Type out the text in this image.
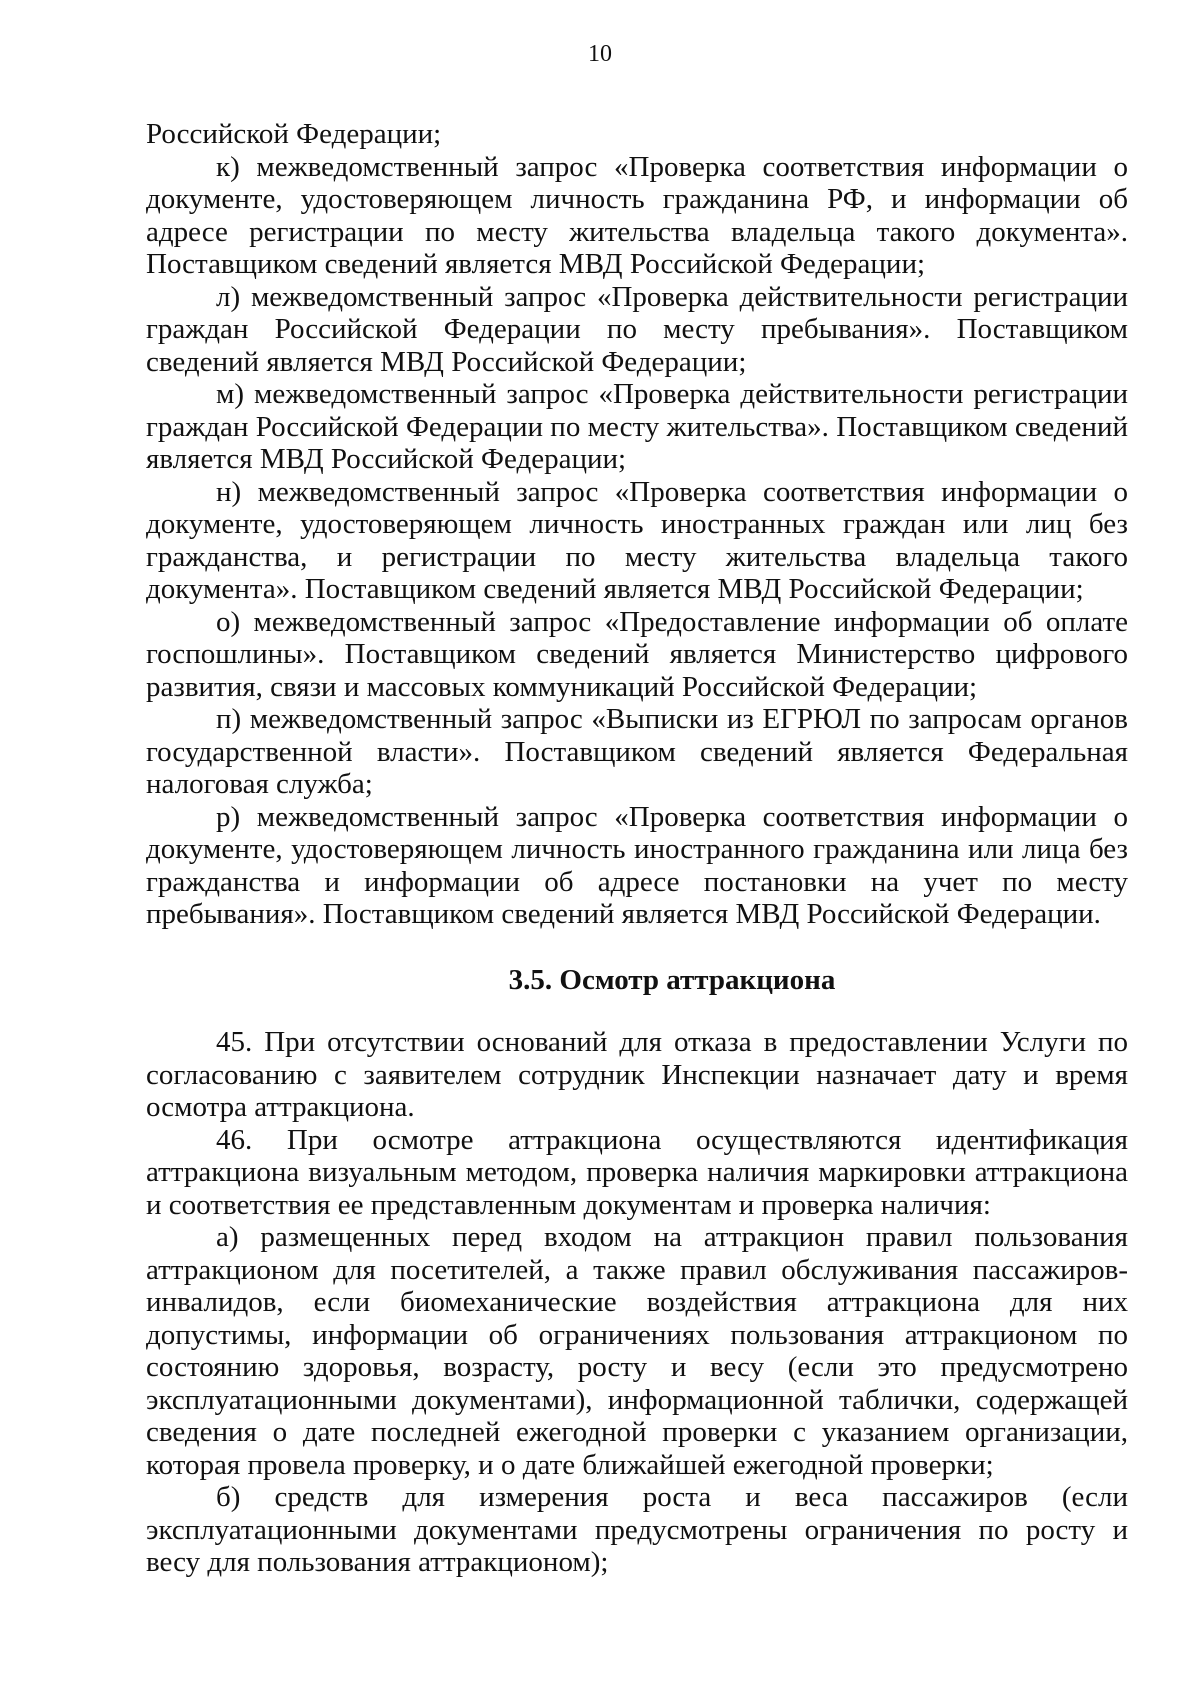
10

Российской Федерации;

к) межведомственный запрос «Проверка соответствия информации о документе, удостоверяющем личность гражданина РФ, и информации об адресе регистрации по месту жительства владельца такого документа». Поставщиком сведений является МВД Российской Федерации;

л) межведомственный запрос «Проверка действительности регистрации граждан Российской Федерации по месту пребывания». Поставщиком сведений является МВД Российской Федерации;

м) межведомственный запрос «Проверка действительности регистрации граждан Российской Федерации по месту жительства». Поставщиком сведений является МВД Российской Федерации;

н) межведомственный запрос «Проверка соответствия информации о документе, удостоверяющем личность иностранных граждан или лиц без гражданства, и регистрации по месту жительства владельца такого документа». Поставщиком сведений является МВД Российской Федерации;

о) межведомственный запрос «Предоставление информации об оплате госпошлины». Поставщиком сведений является Министерство цифрового развития, связи и массовых коммуникаций Российской Федерации;

п) межведомственный запрос «Выписки из ЕГРЮЛ по запросам органов государственной власти». Поставщиком сведений является Федеральная налоговая служба;

р) межведомственный запрос «Проверка соответствия информации о документе, удостоверяющем личность иностранного гражданина или лица без гражданства и информации об адресе постановки на учет по месту пребывания». Поставщиком сведений является МВД Российской Федерации.

3.5. Осмотр аттракциона

45. При отсутствии оснований для отказа в предоставлении Услуги по согласованию с заявителем сотрудник Инспекции назначает дату и время осмотра аттракциона.

46. При осмотре аттракциона осуществляются идентификация аттракциона визуальным методом, проверка наличия маркировки аттракциона и соответствия ее представленным документам и проверка наличия:

а) размещенных перед входом на аттракцион правил пользования аттракционом для посетителей, а также правил обслуживания пассажиров-инвалидов, если биомеханические воздействия аттракциона для них допустимы, информации об ограничениях пользования аттракционом по состоянию здоровья, возрасту, росту и весу (если это предусмотрено эксплуатационными документами), информационной таблички, содержащей сведения о дате последней ежегодной проверки с указанием организации, которая провела проверку, и о дате ближайшей ежегодной проверки;

б) средств для измерения роста и веса пассажиров (если эксплуатационными документами предусмотрены ограничения по росту и весу для пользования аттракционом);
